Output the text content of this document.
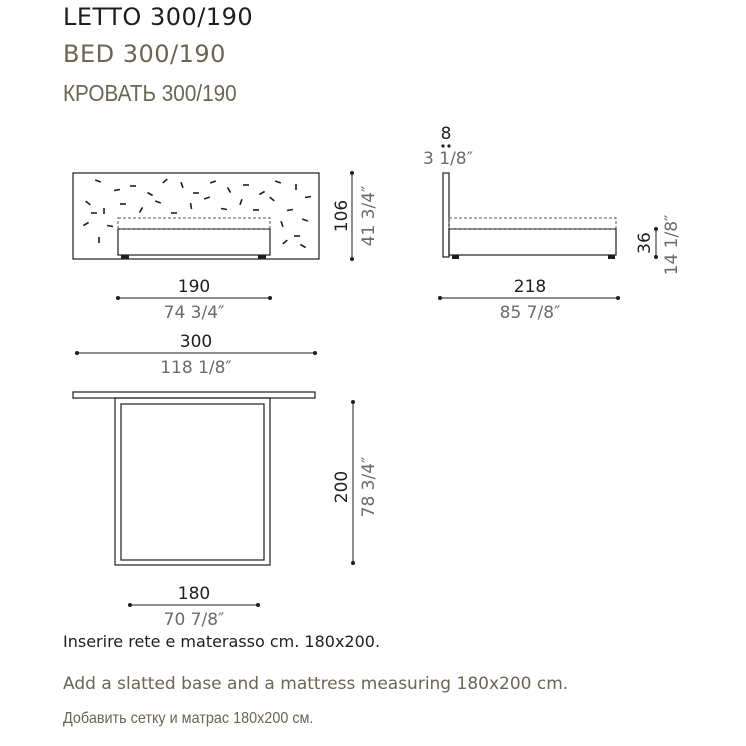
LETTO 300/190
BED 300/190
КРОВАТЬ 300/190
190
74 3/4″
106 41 3/4″
8
3 1/8″
218
85 7/8″
36 14 1/8″
300
118 1/8″
200 78 3/4″
180
70 7/8″
Inserire rete e materasso cm. 180x200.
Add a slatted base and a mattress measuring 180x200 cm.
Добавить сетку и матрас 180x200 см.
